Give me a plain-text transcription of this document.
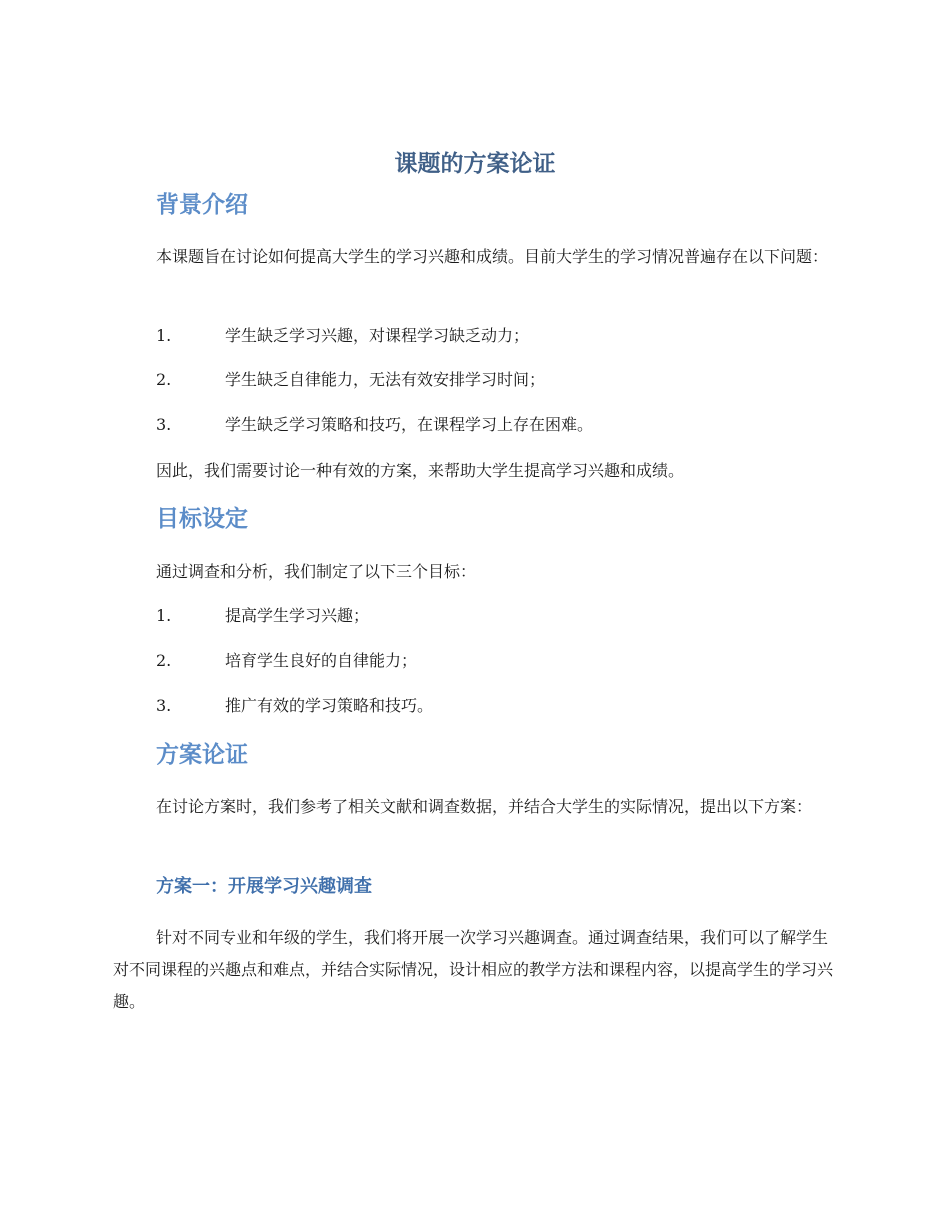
课题的方案论证
背景介绍

本课题旨在讨论如何提高大学生的学习兴趣和成绩。目前大学生的学习情况普遍存在以下问题：

1.	学生缺乏学习兴趣，对课程学习缺乏动力；
2.	学生缺乏自律能力，无法有效安排学习时间；
3.	学生缺乏学习策略和技巧，在课程学习上存在困难。
因此，我们需要讨论一种有效的方案，来帮助大学生提高学习兴趣和成绩。
目标设定
通过调查和分析，我们制定了以下三个目标：
1.	提高学生学习兴趣；
2.	培育学生良好的自律能力；
3.	推广有效的学习策略和技巧。
方案论证

在讨论方案时，我们参考了相关文献和调查数据，并结合大学生的实际情况，提出以下方案：

方案一：开展学习兴趣调查

针对不同专业和年级的学生，我们将开展一次学习兴趣调查。通过调查结果，我们可以了解学生对不同课程的兴趣点和难点，并结合实际情况，设计相应的教学方法和课程内容，以提高学生的学习兴趣。
